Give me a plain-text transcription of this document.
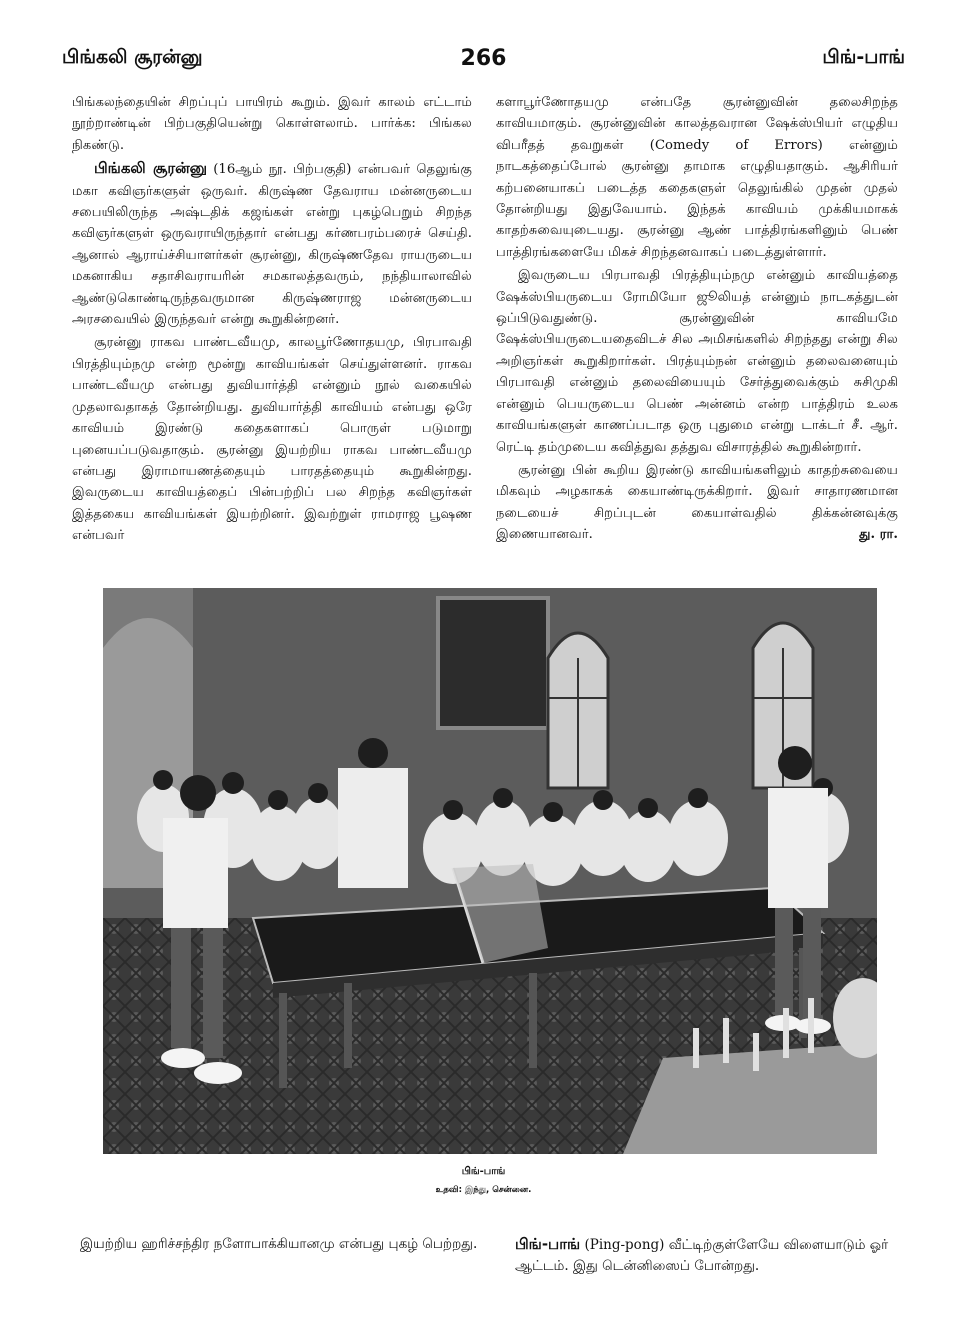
பிங்கலி சூரன்னு	266	பிங்-பாங்

பிங்கலந்தையின் சிறப்புப் பாயிரம் கூறும். இவர் காலம் எட்டாம் நூற்றாண்டின் பிற்பகுதியென்று கொள்ளலாம். பார்க்க: பிங்கல நிகண்டு.

பிங்கலி சூரன்னு (16ஆம் நூ. பிற்பகுதி) என்பவர் தெலுங்கு மகா கவிஞர்களுள் ஒருவர். கிருஷ்ண தேவராய மன்னருடைய சபையிலிருந்த அஷ்டதிக் கஜங்கள் என்று புகழ்பெறும் சிறந்த கவிஞர்களுள் ஒருவராயிருந்தார் என்பது கர்ணபரம்பரைச் செய்தி. ஆனால் ஆராய்ச்சியாளர்கள் சூரன்னு, கிருஷ்ணதேவ ராயருடைய மகனாகிய சதாசிவராயரின் சமகாலத்தவரும், நந்தியாலாவில் ஆண்டுகொண்டிருந்தவருமான கிருஷ்ணராஜ மன்னருடைய அரசவையில் இருந்தவர் என்று கூறுகின்றனர்.

சூரன்னு ராகவ பாண்டவீயமு, காலபூர்ணோதயமு, பிரபாவதி பிரத்தியும்நமு என்ற மூன்று காவியங்கள் செய்துள்ளனர். ராகவ பாண்டவீயமு என்பது துவியார்த்தி என்னும் நூல் வகையில் முதலாவதாகத் தோன்றியது. துவியார்த்தி காவியம் என்பது ஒரே காவியம் இரண்டு கதைகளாகப் பொருள் படுமாறு புனையப்படுவதாகும். சூரன்னு இயற்றிய ராகவ பாண்டவீயமு என்பது இராமாயணத்தையும் பாரதத்தையும் கூறுகின்றது. இவருடைய காவியத்தைப் பின்பற்றிப் பல சிறந்த கவிஞர்கள் இத்தகைய காவியங்கள் இயற்றினர். இவற்றுள் ராமராஜ பூஷண என்பவர்

களாபூர்ணோதயமு என்பதே சூரன்னுவின் தலைசிறந்த காவியமாகும். சூரன்னுவின் காலத்தவரான ஷேக்ஸ்பியர் எழுதிய விபரீதத் தவறுகள் (Comedy of Errors) என்னும் நாடகத்தைப்போல் சூரன்னு தாமாக எழுதியதாகும். ஆசிரியர் கற்பனையாகப் படைத்த கதைகளுள் தெலுங்கில் முதன் முதல் தோன்றியது இதுவேயாம். இந்தக் காவியம் முக்கியமாகக் காதற்சுவையுடையது. சூரன்னு ஆண் பாத்திரங்களினும் பெண் பாத்திரங்களையே மிகச் சிறந்தனவாகப் படைத்துள்ளார்.

இவருடைய பிரபாவதி பிரத்தியும்நமு என்னும் காவியத்தை ஷேக்ஸ்பியருடைய ரோமியோ ஜூலியத் என்னும் நாடகத்துடன் ஒப்பிடுவதுண்டு. சூரன்னுவின் காவியமே ஷேக்ஸ்பியருடையதைவிடச் சில அமிசங்களில் சிறந்தது என்று சில அறிஞர்கள் கூறுகிறார்கள். பிரத்யும்நன் என்னும் தலைவனையும் பிரபாவதி என்னும் தலைவியையும் சேர்த்துவைக்கும் சுசிமுகி என்னும் பெயருடைய பெண் அன்னம் என்ற பாத்திரம் உலக காவியங்களுள் காணப்படாத ஒரு புதுமை என்று டாக்டர் சீ. ஆர். ரெட்டி தம்முடைய கவித்துவ தத்துவ விசாரத்தில் கூறுகின்றார்.

சூரன்னு பின் கூறிய இரண்டு காவியங்களிலும் காதற்சுவையை மிகவும் அழகாகக் கையாண்டிருக்கிறார். இவர் சாதாரணமான நடையைச் சிறப்புடன் கையாள்வதில் திக்கன்னவுக்கு இணையானவர்.	து. ரா.

பிங்-பாங்
உதவி: இந்து, சென்னை.
இயற்றிய ஹரிச்சந்திர நளோபாக்கியானமு என்பது புகழ் பெற்றது.	பிங்-பாங் (Ping-pong) வீட்டிற்குள்ளேயே விளையாடும் ஓர் ஆட்டம். இது டென்னிஸைப் போன்றது.
